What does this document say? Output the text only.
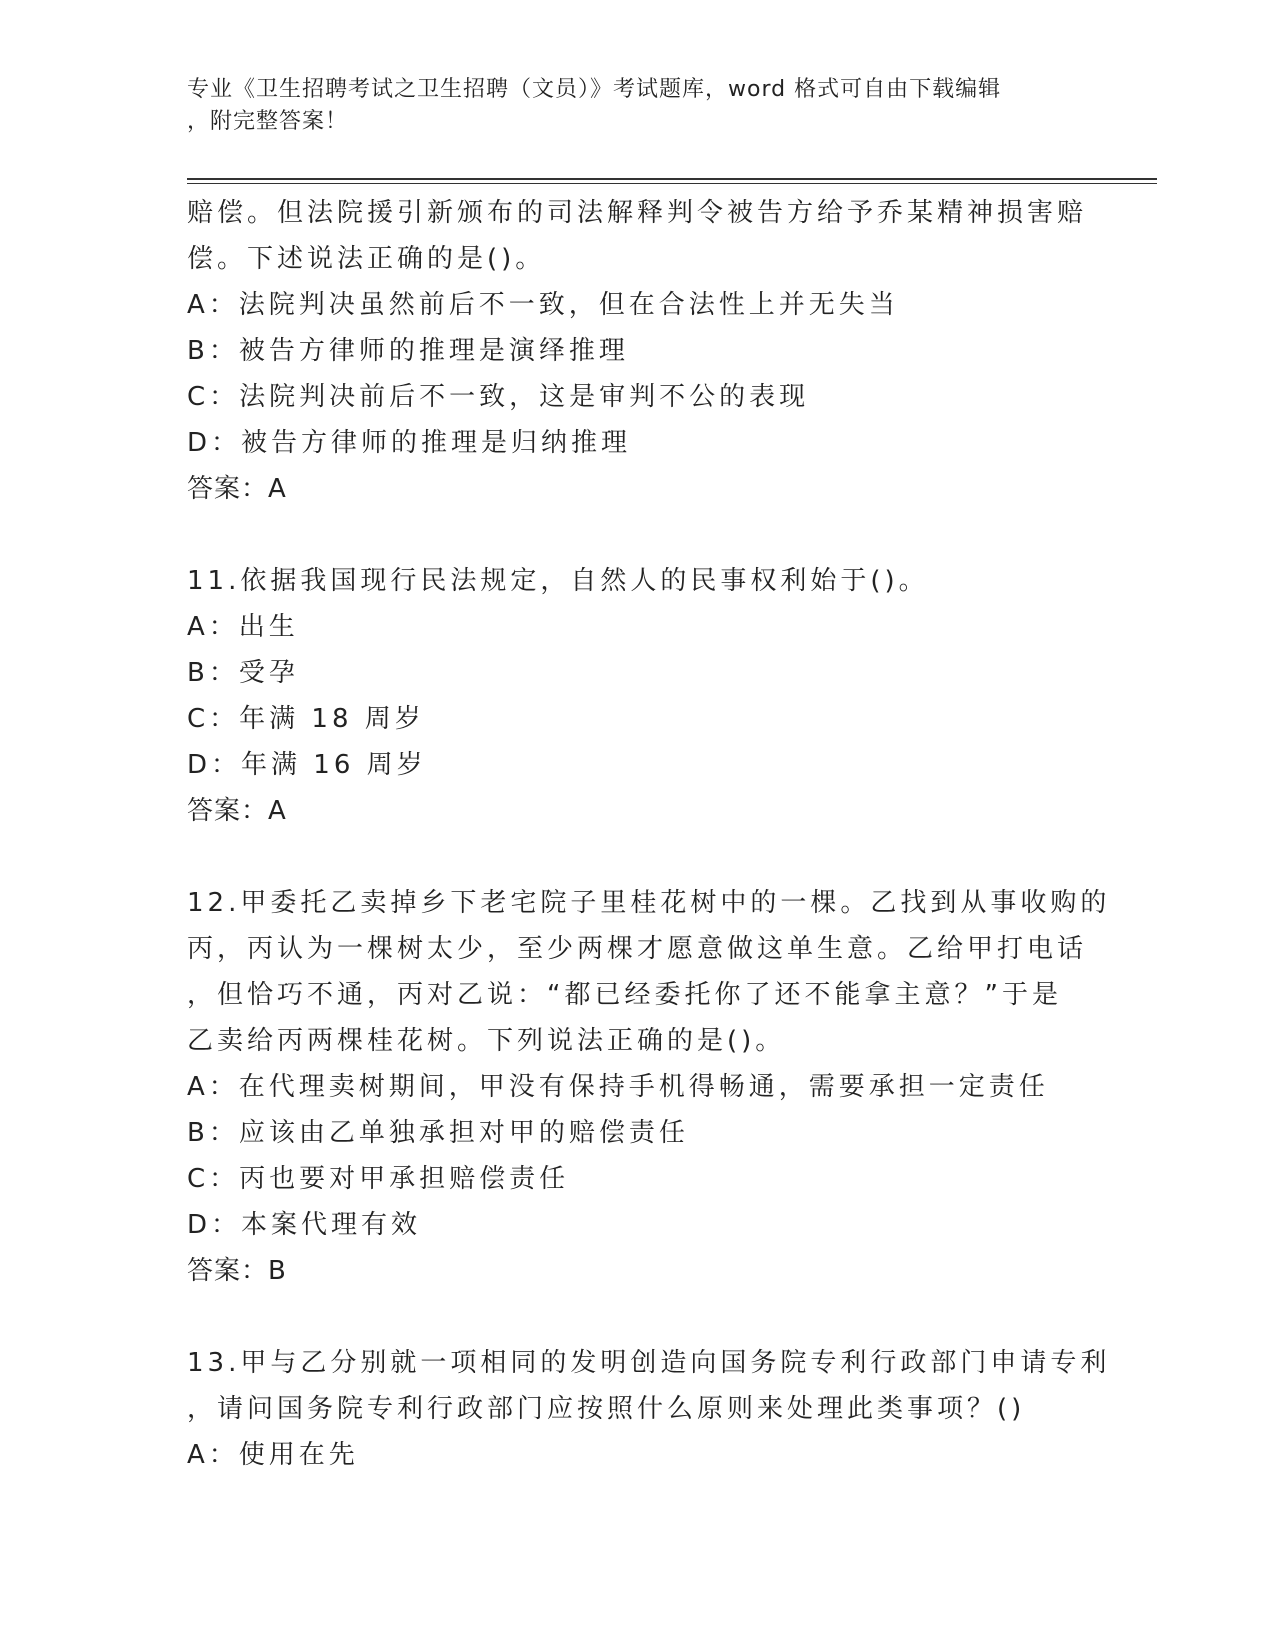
专业《卫生招聘考试之卫生招聘（文员）》考试题库，word 格式可自由下载编辑
，附完整答案！
赔偿。但法院援引新颁布的司法解释判令被告方给予乔某精神损害赔
偿。下述说法正确的是()。
A：法院判决虽然前后不一致，但在合法性上并无失当
B：被告方律师的推理是演绎推理
C：法院判决前后不一致，这是审判不公的表现
D：被告方律师的推理是归纳推理
答案：A
11.依据我国现行民法规定，自然人的民事权利始于()。
A：出生
B：受孕
C：年满 18 周岁
D：年满 16 周岁
答案：A
12.甲委托乙卖掉乡下老宅院子里桂花树中的一棵。乙找到从事收购的
丙，丙认为一棵树太少，至少两棵才愿意做这单生意。乙给甲打电话
，但恰巧不通，丙对乙说：“都已经委托你了还不能拿主意？”于是
乙卖给丙两棵桂花树。下列说法正确的是()。
A：在代理卖树期间，甲没有保持手机得畅通，需要承担一定责任
B：应该由乙单独承担对甲的赔偿责任
C：丙也要对甲承担赔偿责任
D：本案代理有效
答案：B
13.甲与乙分别就一项相同的发明创造向国务院专利行政部门申请专利
，请问国务院专利行政部门应按照什么原则来处理此类事项？()
A：使用在先
